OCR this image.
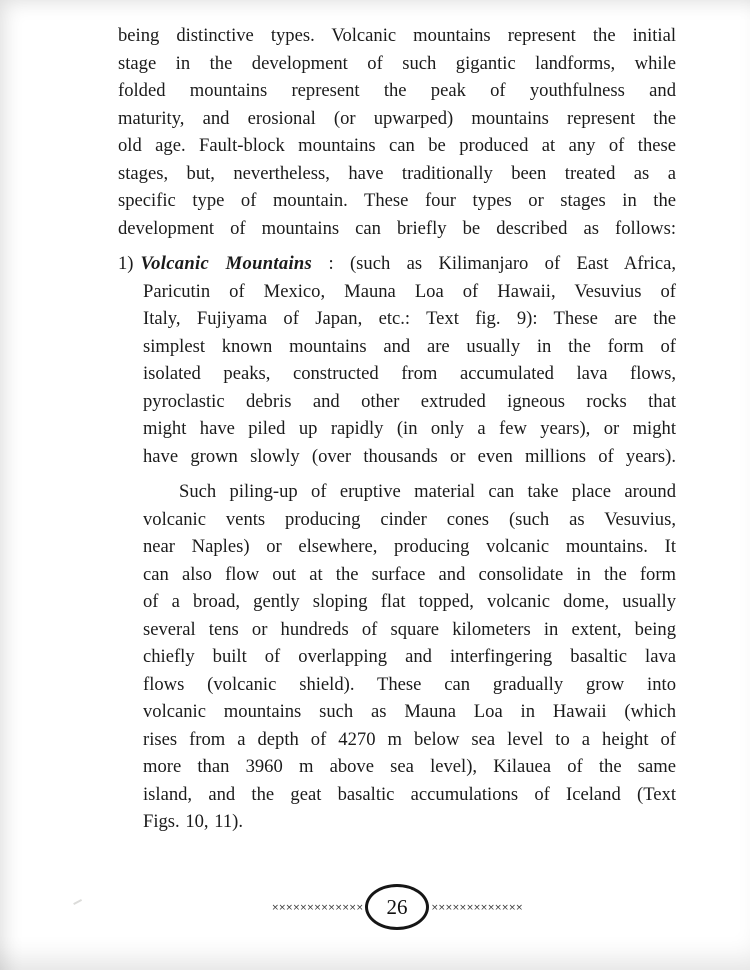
being distinctive types. Volcanic mountains represent the initial
stage in the development of such gigantic landforms, while
folded mountains represent the peak of youthfulness and
maturity, and erosional (or upwarped) mountains represent the
old age. Fault-block mountains can be produced at any of these
stages, but, nevertheless, have traditionally been treated as a
specific type of mountain. These four types or stages in the
development of mountains can briefly be described as follows:
1) Volcanic Mountains : (such as Kilimanjaro of East Africa,
Paricutin of Mexico, Mauna Loa of Hawaii, Vesuvius of
Italy, Fujiyama of Japan, etc.: Text fig. 9): These are the
simplest known mountains and are usually in the form of
isolated peaks, constructed from accumulated lava flows,
pyroclastic debris and other extruded igneous rocks that
might have piled up rapidly (in only a few years), or might
have grown slowly (over thousands or even millions of years).
Such piling-up of eruptive material can take place around
volcanic vents producing cinder cones (such as Vesuvius,
near Naples) or elsewhere, producing volcanic mountains. It
can also flow out at the surface and consolidate in the form
of a broad, gently sloping flat topped, volcanic dome, usually
several tens or hundreds of square kilometers in extent, being
chiefly built of overlapping and interfingering basaltic lava
flows (volcanic shield). These can gradually grow into
volcanic mountains such as Mauna Loa in Hawaii (which
rises from a depth of 4270 m below sea level to a height of
more than 3960 m above sea level), Kilauea of the same
island, and the geat basaltic accumulations of Iceland (Text
Figs. 10, 11).
××××××××××××× 26	×××××××××××××
